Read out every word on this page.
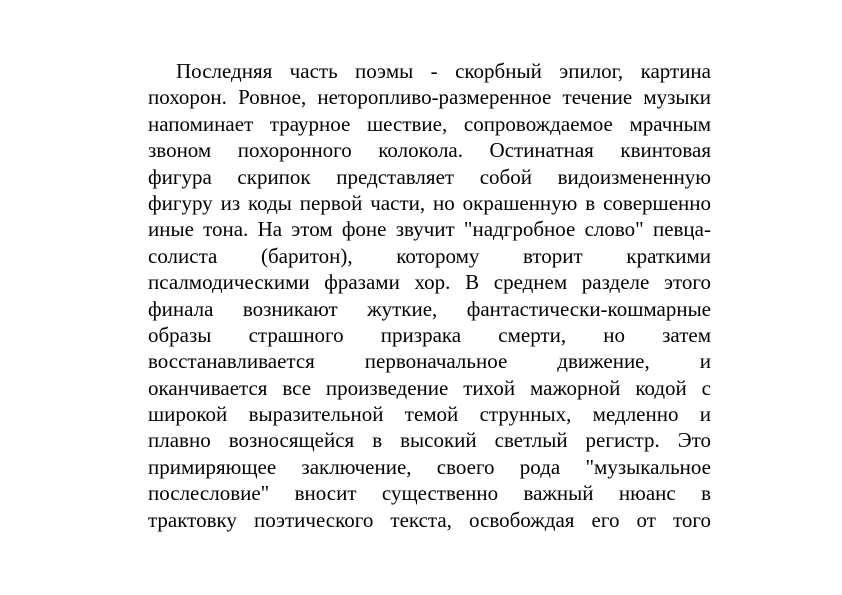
Последняя часть поэмы - скорбный эпилог, картина
похорон. Ровное, неторопливо-размеренное течение музыки
напоминает траурное шествие, сопровождаемое мрачным
звоном похоронного колокола. Остинатная квинтовая
фигура скрипок представляет собой видоизмененную
фигуру из коды первой части, но окрашенную в совершенно
иные тона. На этом фоне звучит "надгробное слово" певца-
солиста (баритон), которому вторит краткими
псалмодическими фразами хор. В среднем разделе этого
финала возникают жуткие, фантастически-кошмарные
образы страшного призрака смерти, но затем
восстанавливается первоначальное движение, и
оканчивается все произведение тихой мажорной кодой с
широкой выразительной темой струнных, медленно и
плавно возносящейся в высокий светлый регистр. Это
примиряющее заключение, своего рода "музыкальное
послесловие" вносит существенно важный нюанс в
трактовку поэтического текста, освобождая его от того
